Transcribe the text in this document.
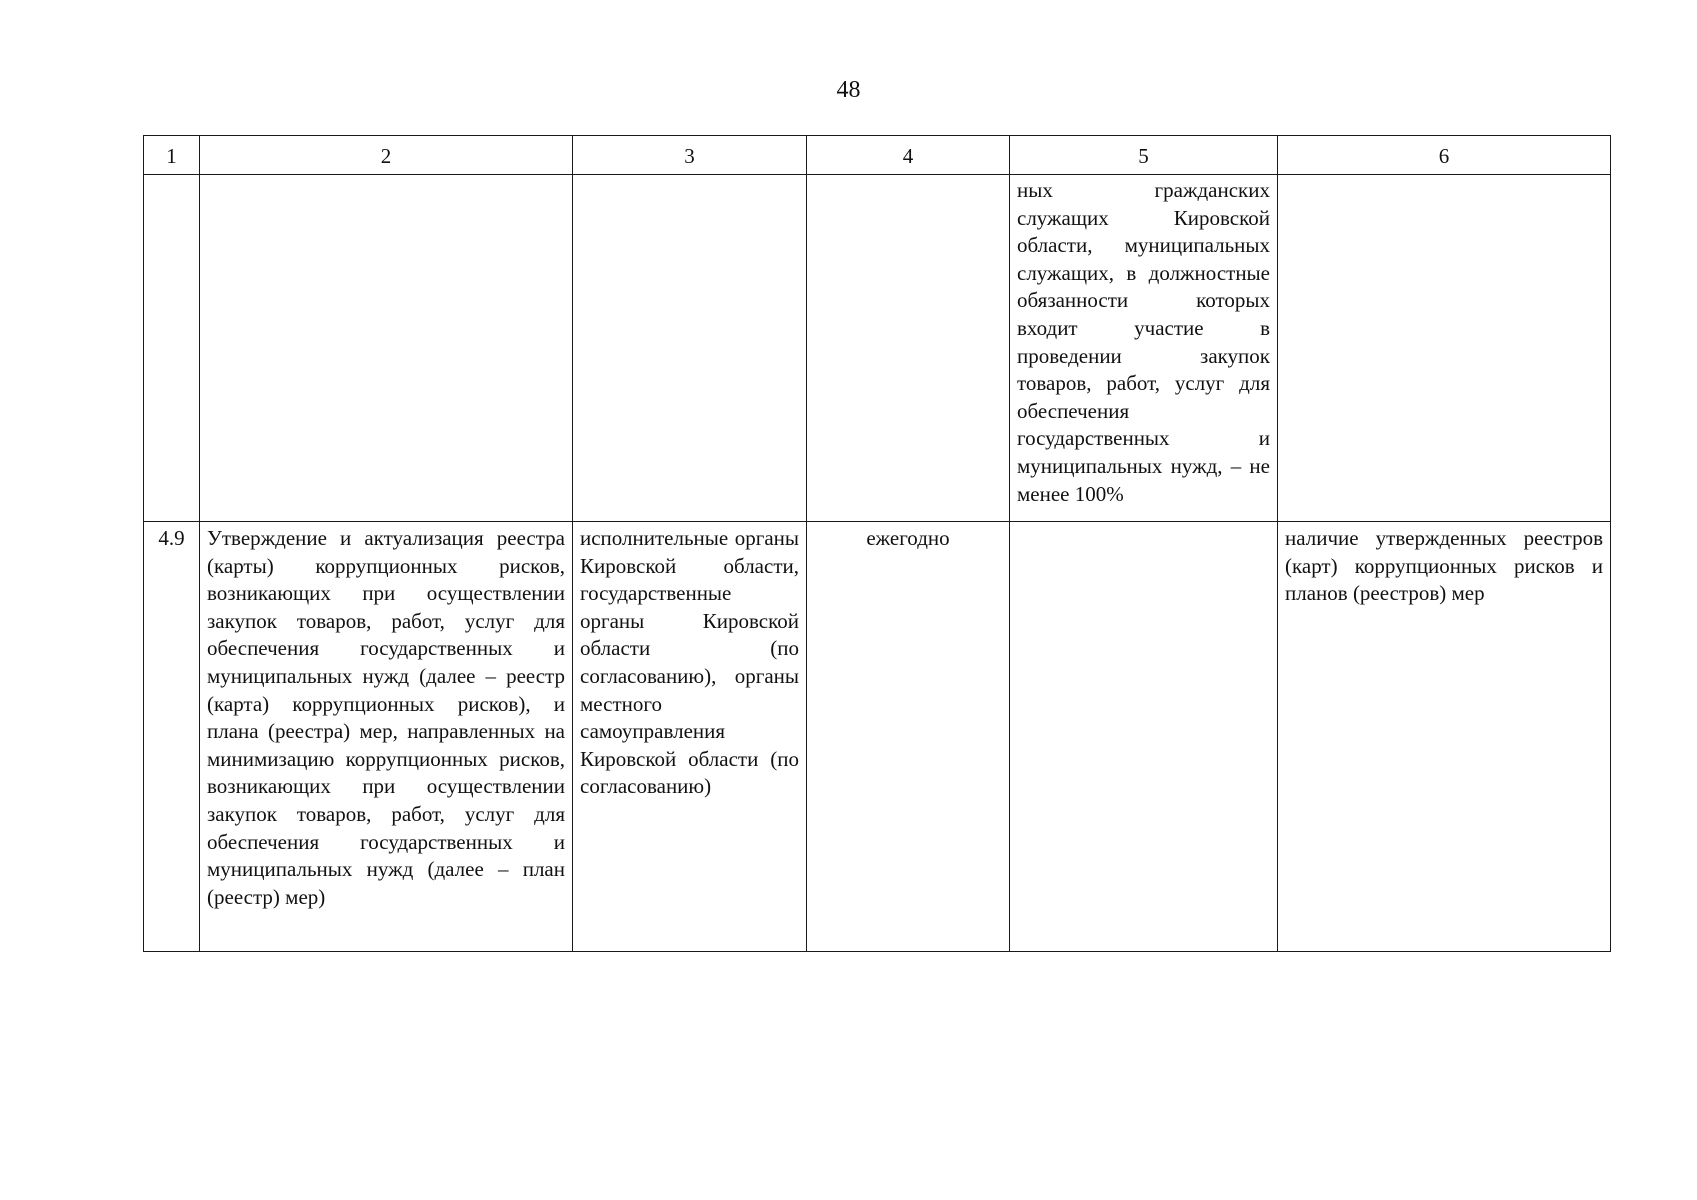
48
1	2	3	4	5	6
				ных гражданских служащих Кировской области, муниципальных служащих, в должностные обязанности которых входит участие в проведении закупок товаров, работ, услуг для обеспечения государственных и муниципальных нужд, – не менее 100%	
4.9	Утверждение и актуализация реестра (карты) коррупционных рисков, возникающих при осуществлении закупок товаров, работ, услуг для обеспечения государственных и муниципальных нужд (далее – реестр (карта) коррупционных рисков), и плана (реестра) мер, направленных на минимизацию коррупционных рисков, возникающих при осуществлении закупок товаров, работ, услуг для обеспечения государственных и муниципальных нужд (далее – план (реестр) мер)	исполнительные органы Кировской области, государственные органы Кировской области (по согласованию), органы местного самоуправления Кировской области (по согласованию)	ежегодно		наличие утвержденных реестров (карт) коррупционных рисков и планов (реестров) мер
